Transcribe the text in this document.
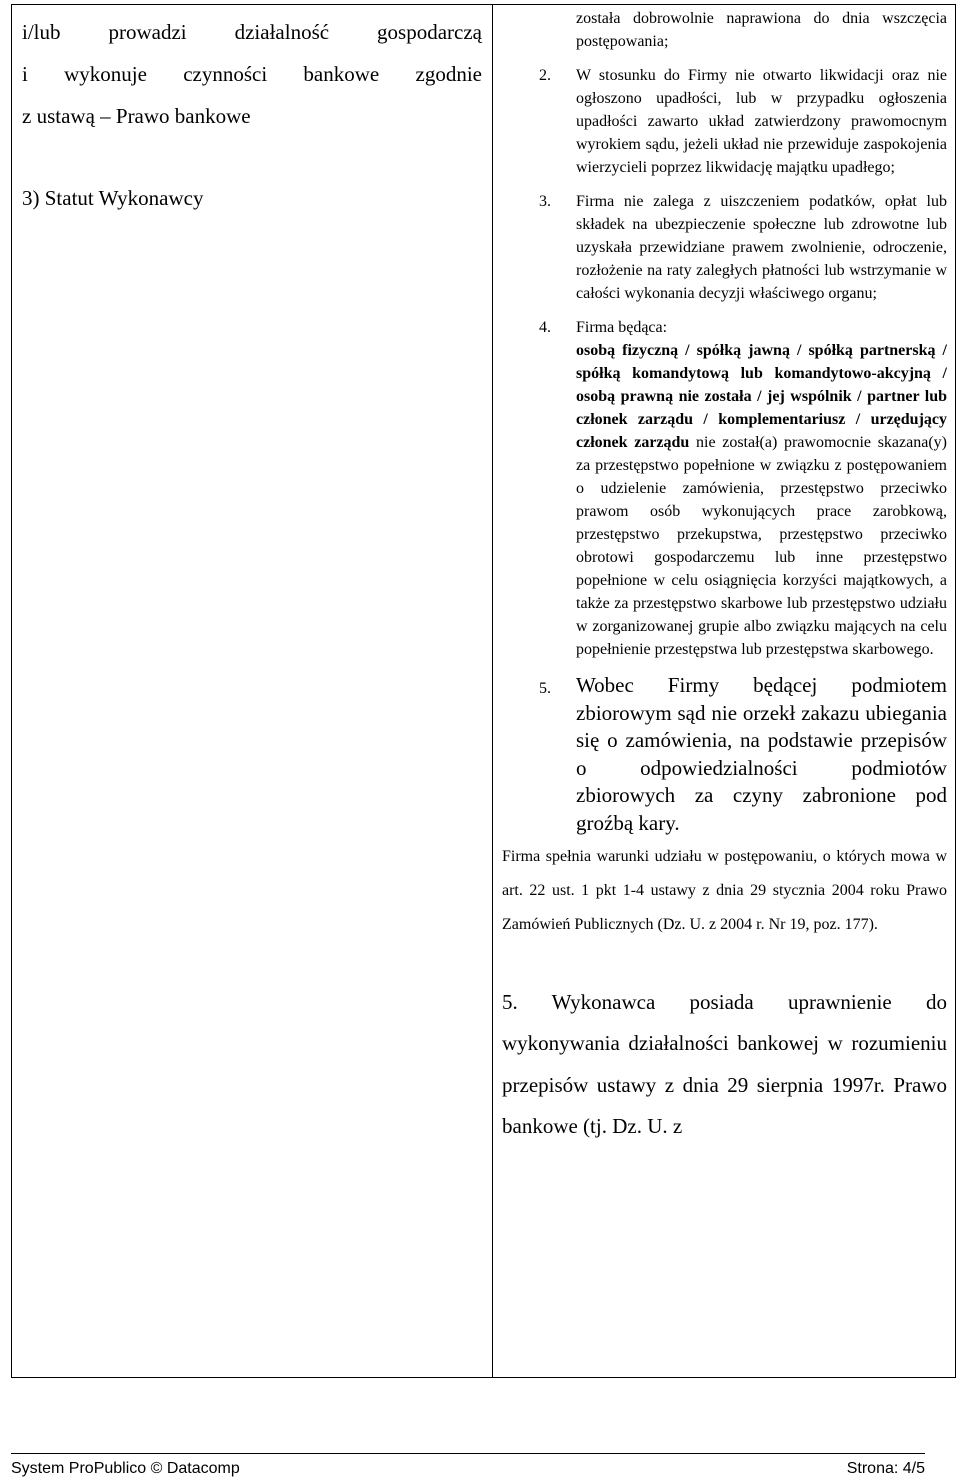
i/lub prowadzi działalność gospodarczą

i wykonuje czynności bankowe zgodnie

z ustawą – Prawo bankowe

3) Statut Wykonawcy

została dobrowolnie naprawiona do dnia wszczęcia postępowania;
2. W stosunku do Firmy nie otwarto likwidacji oraz nie ogłoszono upadłości, lub w przypadku ogłoszenia upadłości zawarto układ zatwierdzony prawomocnym wyrokiem sądu, jeżeli układ nie przewiduje zaspokojenia wierzycieli poprzez likwidację majątku upadłego;
3. Firma nie zalega z uiszczeniem podatków, opłat lub składek na ubezpieczenie społeczne lub zdrowotne lub uzyskała przewidziane prawem zwolnienie, odroczenie, rozłożenie na raty zaległych płatności lub wstrzymanie w całości wykonania decyzji właściwego organu;
4. Firma będąca:
osobą fizyczną / spółką jawną / spółką partnerską / spółką komandytową lub komandytowo-akcyjną / osobą prawną nie została / jej wspólnik / partner lub członek zarządu / komplementariusz / urzędujący członek zarządu nie został(a) prawomocnie skazana(y) za przestępstwo popełnione w związku z postępowaniem o udzielenie zamówienia, przestępstwo przeciwko prawom osób wykonujących prace zarobkową, przestępstwo przekupstwa, przestępstwo przeciwko obrotowi gospodarczemu lub inne przestępstwo popełnione w celu osiągnięcia korzyści majątkowych, a także za przestępstwo skarbowe lub przestępstwo udziału w zorganizowanej grupie albo związku mających na celu popełnienie przestępstwa lub przestępstwa skarbowego.
5. Wobec Firmy będącej podmiotem zbiorowym sąd nie orzekł zakazu ubiegania się o zamówienia, na podstawie przepisów o odpowiedzialności podmiotów zbiorowych za czyny zabronione pod groźbą kary.
Firma spełnia warunki udziału w postępowaniu, o których mowa w art. 22 ust. 1 pkt 1-4 ustawy z dnia 29 stycznia 2004 roku Prawo Zamówień Publicznych (Dz. U. z 2004 r. Nr 19, poz. 177).
5. Wykonawca posiada uprawnienie do wykonywania działalności bankowej w rozumieniu przepisów ustawy z dnia 29 sierpnia 1997r. Prawo bankowe (tj. Dz. U. z
System ProPublico © Datacomp	Strona: 4/5
